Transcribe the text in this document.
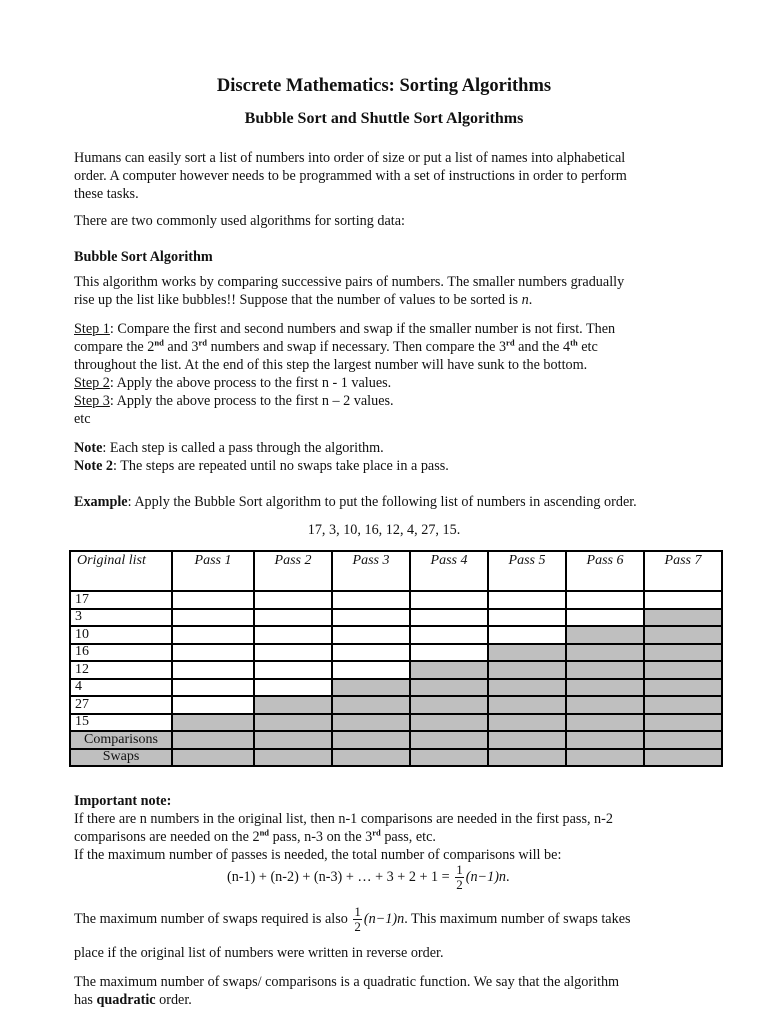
Discrete Mathematics: Sorting Algorithms
Bubble Sort and Shuttle Sort Algorithms
Humans can easily sort a list of numbers into order of size or put a list of names into alphabetical
order. A computer however needs to be programmed with a set of instructions in order to perform
these tasks.
There are two commonly used algorithms for sorting data:
Bubble Sort Algorithm
This algorithm works by comparing successive pairs of numbers. The smaller numbers gradually
rise up the list like bubbles!! Suppose that the number of values to be sorted is n.
Step 1: Compare the first and second numbers and swap if the smaller number is not first. Then
compare the 2nd and 3rd numbers and swap if necessary. Then compare the 3rd and the 4th etc
throughout the list. At the end of this step the largest number will have sunk to the bottom.
Step 2: Apply the above process to the first n - 1 values.
Step 3: Apply the above process to the first n – 2 values.
etc
Note: Each step is called a pass through the algorithm.
Note 2: The steps are repeated until no swaps take place in a pass.
Example: Apply the Bubble Sort algorithm to put the following list of numbers in ascending order.
17, 3, 10, 16, 12, 4, 27, 15.
Original list	Pass 1	Pass 2	Pass 3	Pass 4	Pass 5	Pass 6	Pass 7
17							
3							
10							
16							
12							
4							
27							
15							
Comparisons							
Swaps							
Important note:
If there are n numbers in the original list, then n-1 comparisons are needed in the first pass, n-2
comparisons are needed on the 2nd pass, n-3 on the 3rd pass, etc.
If the maximum number of passes is needed, the total number of comparisons will be:
(n-1) + (n-2) + (n-3) + … + $3 + 2 + 1 = \frac{1}{2} (n-1)n$.
The maximum number of swaps required is also $\frac{1}{2} (n-1)n$. This maximum number of swaps takes
place if the original list of numbers were written in reverse order.
The maximum number of swaps/ comparisons is a quadratic function. We say that the algorithm
has quadratic order.
